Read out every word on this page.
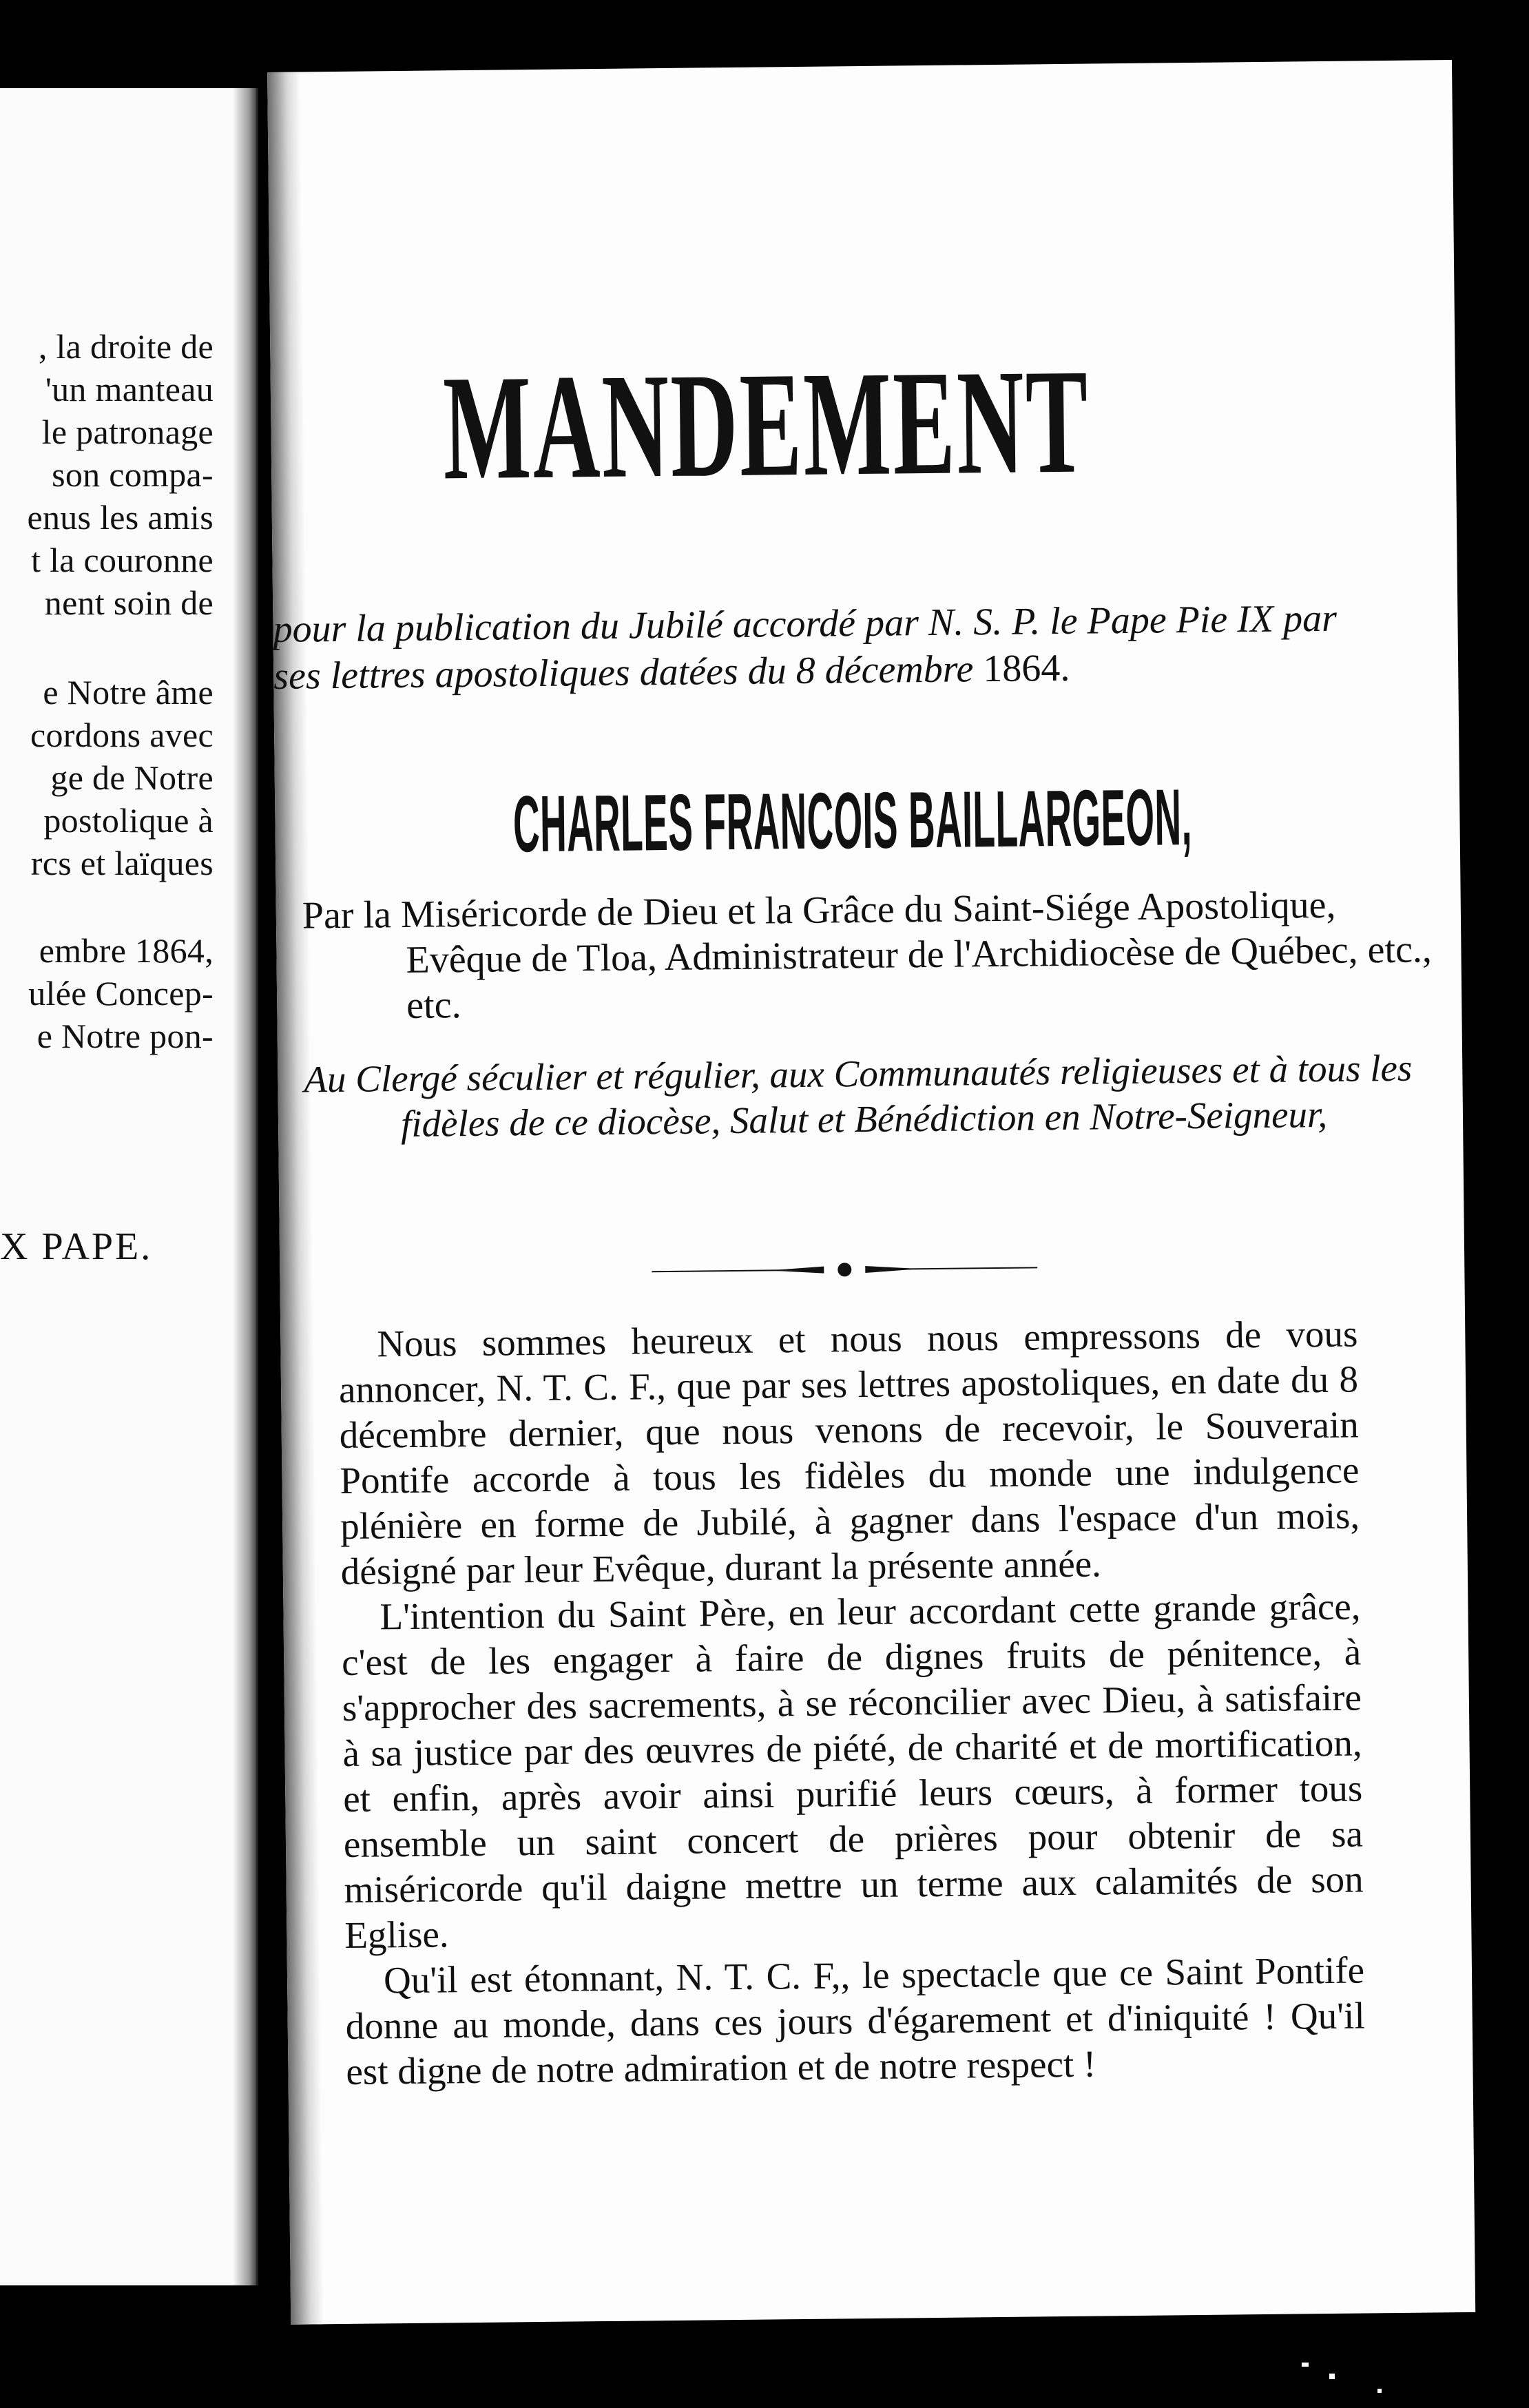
, la droite de
'un manteau
le patronage
son compa-
enus les amis
t la couronne
nent soin de
e Notre âme
cordons avec
ge de Notre
postolique à
rcs et laïques
embre 1864,
ulée Concep-
e Notre pon-
X PAPE.
MANDEMENT
pour la publication du Jubilé accordé par N. S. P. le Pape Pie IX par ses lettres apostoliques datées du 8 décembre 1864.
CHARLES FRANCOIS BAILLARGEON,
Par la Miséricorde de Dieu et la Grâce du Saint-Siége Apostolique, Evêque de Tloa, Administrateur de l'Archidiocèse de Québec, etc., etc.
Au Clergé séculier et régulier, aux Communautés religieuses et à tous les fidèles de ce diocèse, Salut et Bénédiction en Notre-Seigneur,

Nous sommes heureux et nous nous empressons de vous annoncer, N. T. C. F., que par ses lettres apostoliques, en date du 8 décembre dernier, que nous venons de recevoir, le Souverain Pontife accorde à tous les fidèles du monde une indulgence plénière en forme de Jubilé, à gagner dans l'espace d'un mois, désigné par leur Evêque, durant la présente année.

L'intention du Saint Père, en leur accordant cette grande grâce, c'est de les engager à faire de dignes fruits de pénitence, à s'approcher des sacrements, à se réconcilier avec Dieu, à satisfaire à sa justice par des œuvres de piété, de charité et de mortification, et enfin, après avoir ainsi purifié leurs cœurs, à former tous ensemble un saint concert de prières pour obtenir de sa miséricorde qu'il daigne mettre un terme aux calamités de son Eglise.

Qu'il est étonnant, N. T. C. F,, le spectacle que ce Saint Pontife donne au monde, dans ces jours d'égarement et d'iniquité ! Qu'il est digne de notre admiration et de notre respect !
